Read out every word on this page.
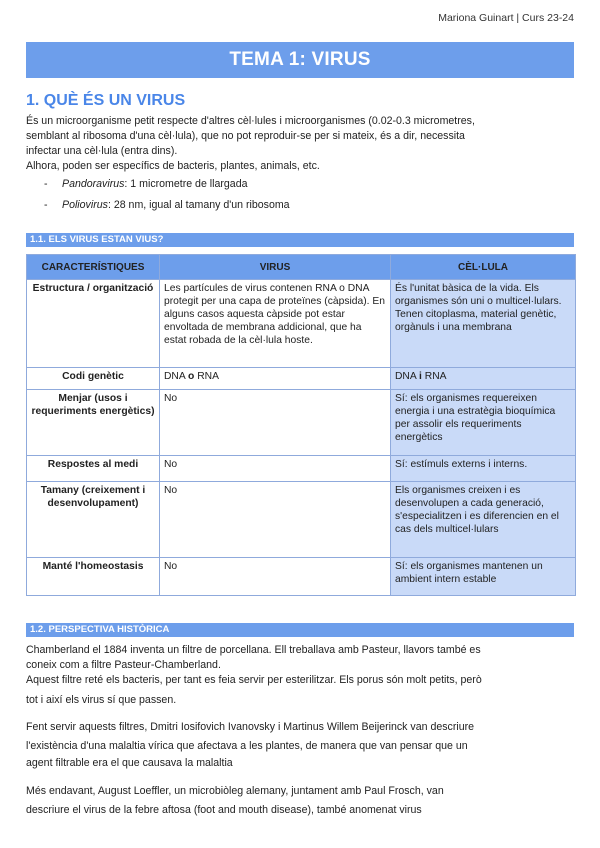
Mariona Guinart | Curs 23-24
TEMA 1: VIRUS
1. QUÈ ÉS UN VIRUS
És un microorganisme petit respecte d'altres cèl·lules i microorganismes (0.02-0.3 micrometres,
semblant al ribosoma d'una cèl·lula), que no pot reproduir-se per si mateix, és a dir, necessita
infectar una cèl·lula (entra dins).
Alhora, poden ser específics de bacteris, plantes, animals, etc.
- Pandoravirus: 1 micrometre de llargada
- Poliovirus: 28 nm, igual al tamany d'un ribosoma
1.1. ELS VIRUS ESTAN VIUS?
CARACTERÍSTIQUES	VIRUS	CÈL·LULA
Estructura / organització	Les partícules de virus contenen RNA o DNA protegit per una capa de proteïnes (càpsida). En alguns casos aquesta càpside pot estar envoltada de membrana addicional, que ha estat robada de la cèl·lula hoste.	És l'unitat bàsica de la vida. Els organismes són uni o multicel·lulars. Tenen citoplasma, material genètic, orgànuls i una membrana
Codi genètic	DNA o RNA	DNA i RNA
Menjar (usos i requeriments energètics)	No	Sí: els organismes requereixen energia i una estratègia bioquímica per assolir els requeriments energètics
Respostes al medi	No	Sí: estímuls externs i interns.
Tamany (creixement i desenvolupament)	No	Els organismes creixen i es desenvolupen a cada generació, s'especialitzen i es diferencien en el cas dels multicel·lulars
Manté l'homeostasis	No	Sí: els organismes mantenen un ambient intern estable
1.2. PERSPECTIVA HISTÒRICA
Chamberland el 1884 inventa un filtre de porcellana. Ell treballava amb Pasteur, llavors també es
coneix com a filtre Pasteur-Chamberland.
Aquest filtre reté els bacteris, per tant es feia servir per esterilitzar. Els porus són molt petits, però
tot i així els virus sí que passen.
Fent servir aquests filtres, Dmitri Iosifovich Ivanovsky i Martinus Willem Beijerinck van descriure
l'existència d'una malaltia vírica que afectava a les plantes, de manera que van pensar que un
agent filtrable era el que causava la malaltia
Més endavant, August Loeffler, un microbiòleg alemany, juntament amb Paul Frosch, van
descriure el virus de la febre aftosa (foot and mouth disease), també anomenat virus
